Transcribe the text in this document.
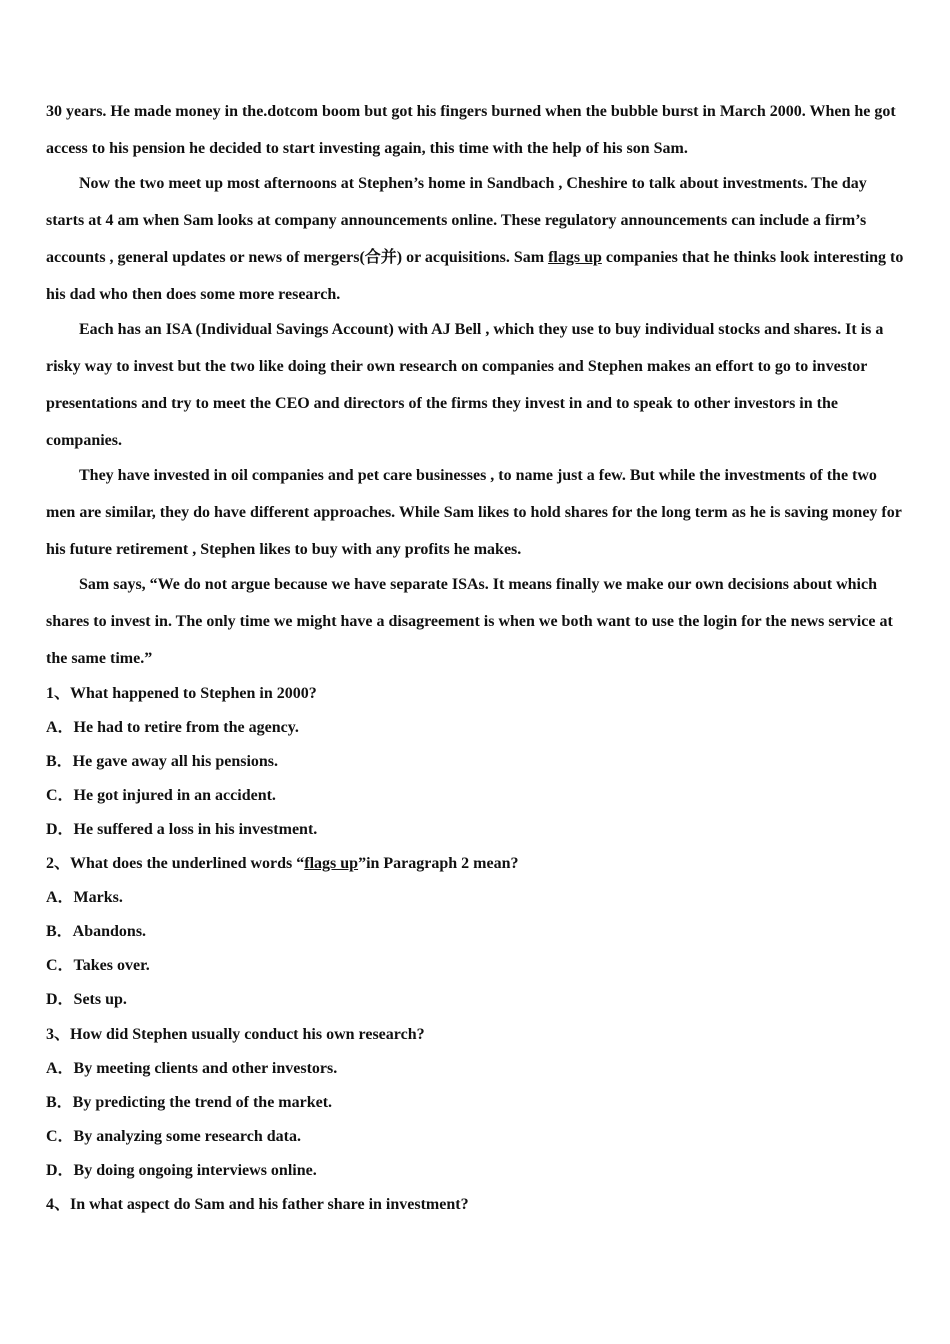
30 years. He made money in the.dotcom boom but got his fingers burned when the bubble burst in March 2000. When he got access to his pension he decided to start investing again, this time with the help of his son Sam.

Now the two meet up most afternoons at Stephen’s home in Sandbach , Cheshire to talk about investments. The day starts at 4 am when Sam looks at company announcements online. These regulatory announcements can include a firm’s accounts , general updates or news of mergers(合并) or acquisitions. Sam flags up companies that he thinks look interesting to his dad who then does some more research.

Each has an ISA (Individual Savings Account) with AJ Bell , which they use to buy individual stocks and shares. It is a risky way to invest but the two like doing their own research on companies and Stephen makes an effort to go to investor presentations and try to meet the CEO and directors of the firms they invest in and to speak to other investors in the companies.

They have invested in oil companies and pet care businesses , to name just a few. But while the investments of the two men are similar, they do have different approaches. While Sam likes to hold shares for the long term as he is saving money for his future retirement , Stephen likes to buy with any profits he makes.

Sam says, “We do not argue because we have separate ISAs. It means finally we make our own decisions about which shares to invest in. The only time we might have a disagreement is when we both want to use the login for the news service at the same time.”

1、What happened to Stephen in 2000?

A．He had to retire from the agency.

B．He gave away all his pensions.

C．He got injured in an accident.

D．He suffered a loss in his investment.

2、What does the underlined words “flags up”in Paragraph 2 mean?

A．Marks.

B．Abandons.

C．Takes over.

D．Sets up.

3、How did Stephen usually conduct his own research?

A．By meeting clients and other investors.

B．By predicting the trend of the market.

C．By analyzing some research data.

D．By doing ongoing interviews online.

4、In what aspect do Sam and his father share in investment?
